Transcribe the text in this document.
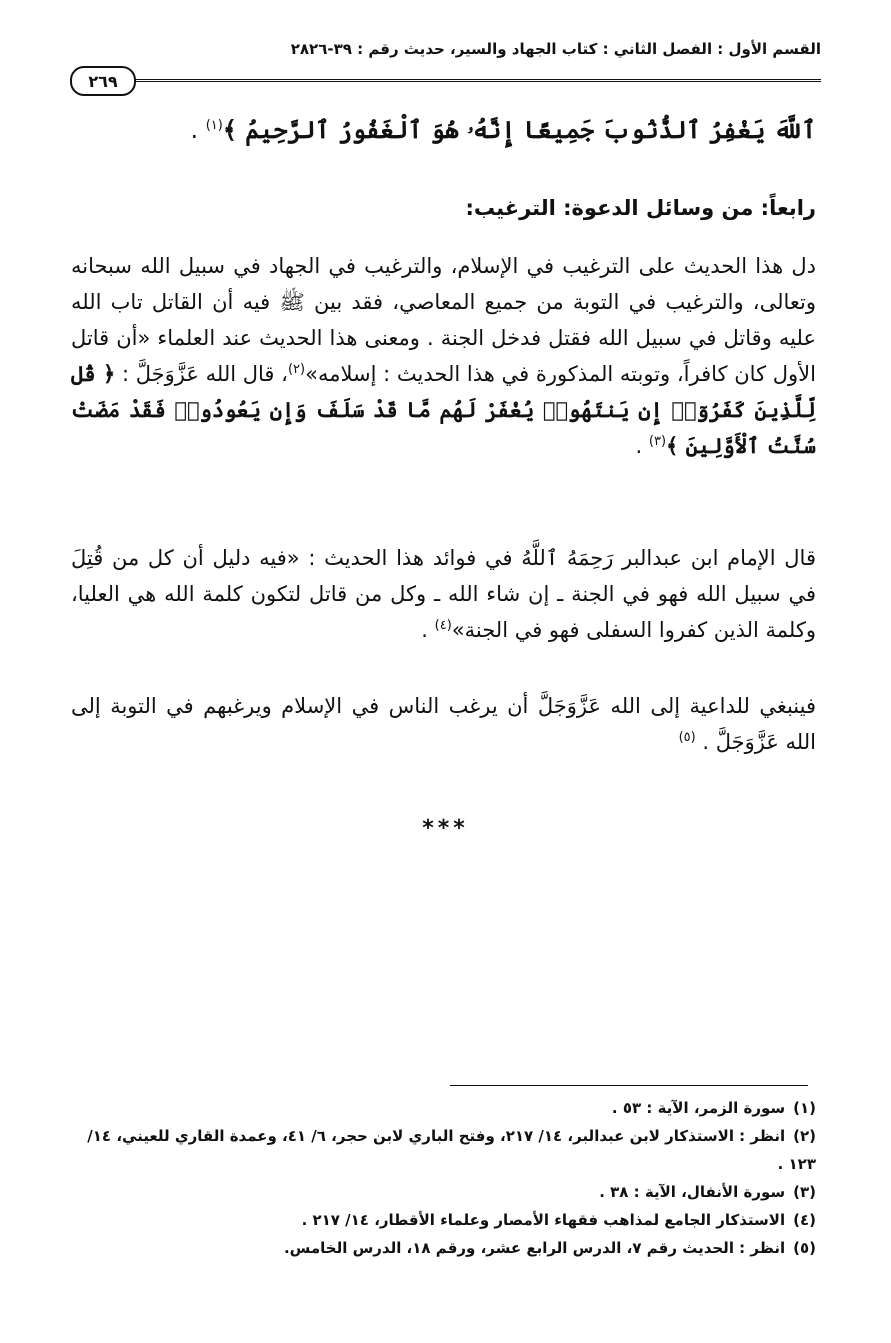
القسم الأول : الفصل الثاني : كتاب الجهاد والسير، حديث رقم : ٣٩-٢٨٢٦
٢٦٩
ٱللَّهَ يَغْفِرُ ٱلذُّنُوبَ جَمِيعًا إِنَّهُۥ هُوَ ٱلْغَفُورُ ٱلرَّحِيمُ ﴾$^{(١)}$ .
رابعاً: من وسائل الدعوة: الترغيب:
دل هذا الحديث على الترغيب في الإسلام، والترغيب في الجهاد في سبيل الله سبحانه وتعالى، والترغيب في التوبة من جميع المعاصي، فقد بين ﷺ فيه أن القاتل تاب الله عليه وقاتل في سبيل الله فقتل فدخل الجنة . ومعنى هذا الحديث عند العلماء «أن قاتل الأول كان كافراً، وتوبته المذكورة في هذا الحديث : إسلامه»$^{(٢)}$، قال الله عَزَّوَجَلَّ : ﴿ قُل لِّلَّذِينَ كَفَرُوٓا۟ إِن يَنتَهُوا۟ يُغْفَرْ لَهُم مَّا قَدْ سَلَفَ وَإِن يَعُودُوا۟ فَقَدْ مَضَتْ سُنَّتُ ٱلْأَوَّلِينَ ﴾$^{(٣)}$ .
قال الإمام ابن عبدالبر رَحِمَهُ ٱللَّهُ في فوائد هذا الحديث : «فيه دليل أن كل من قُتِلَ في سبيل الله فهو في الجنة ـ إن شاء الله ـ وكل من قاتل لتكون كلمة الله هي العليا، وكلمة الذين كفروا السفلى فهو في الجنة»$^{(٤)}$ .
فينبغي للداعية إلى الله عَزَّوَجَلَّ أن يرغب الناس في الإسلام ويرغبهم في التوبة إلى الله عَزَّوَجَلَّ . $^{(٥)}$
***

(١)سورة الزمر، الآية : ٥٣ .

(٢)انظر : الاستذكار لابن عبدالبر، ١٤/ ٢١٧، وفتح الباري لابن حجر، ٦/ ٤١، وعمدة القاري للعيني، ١٤/ ١٢٣ .

(٣)سورة الأنفال، الآية : ٣٨ .

(٤)الاستذكار الجامع لمذاهب فقهاء الأمصار وعلماء الأقطار، ١٤/ ٢١٧ .

(٥)انظر : الحديث رقم ٧، الدرس الرابع عشر، ورقم ١٨، الدرس الخامس.
